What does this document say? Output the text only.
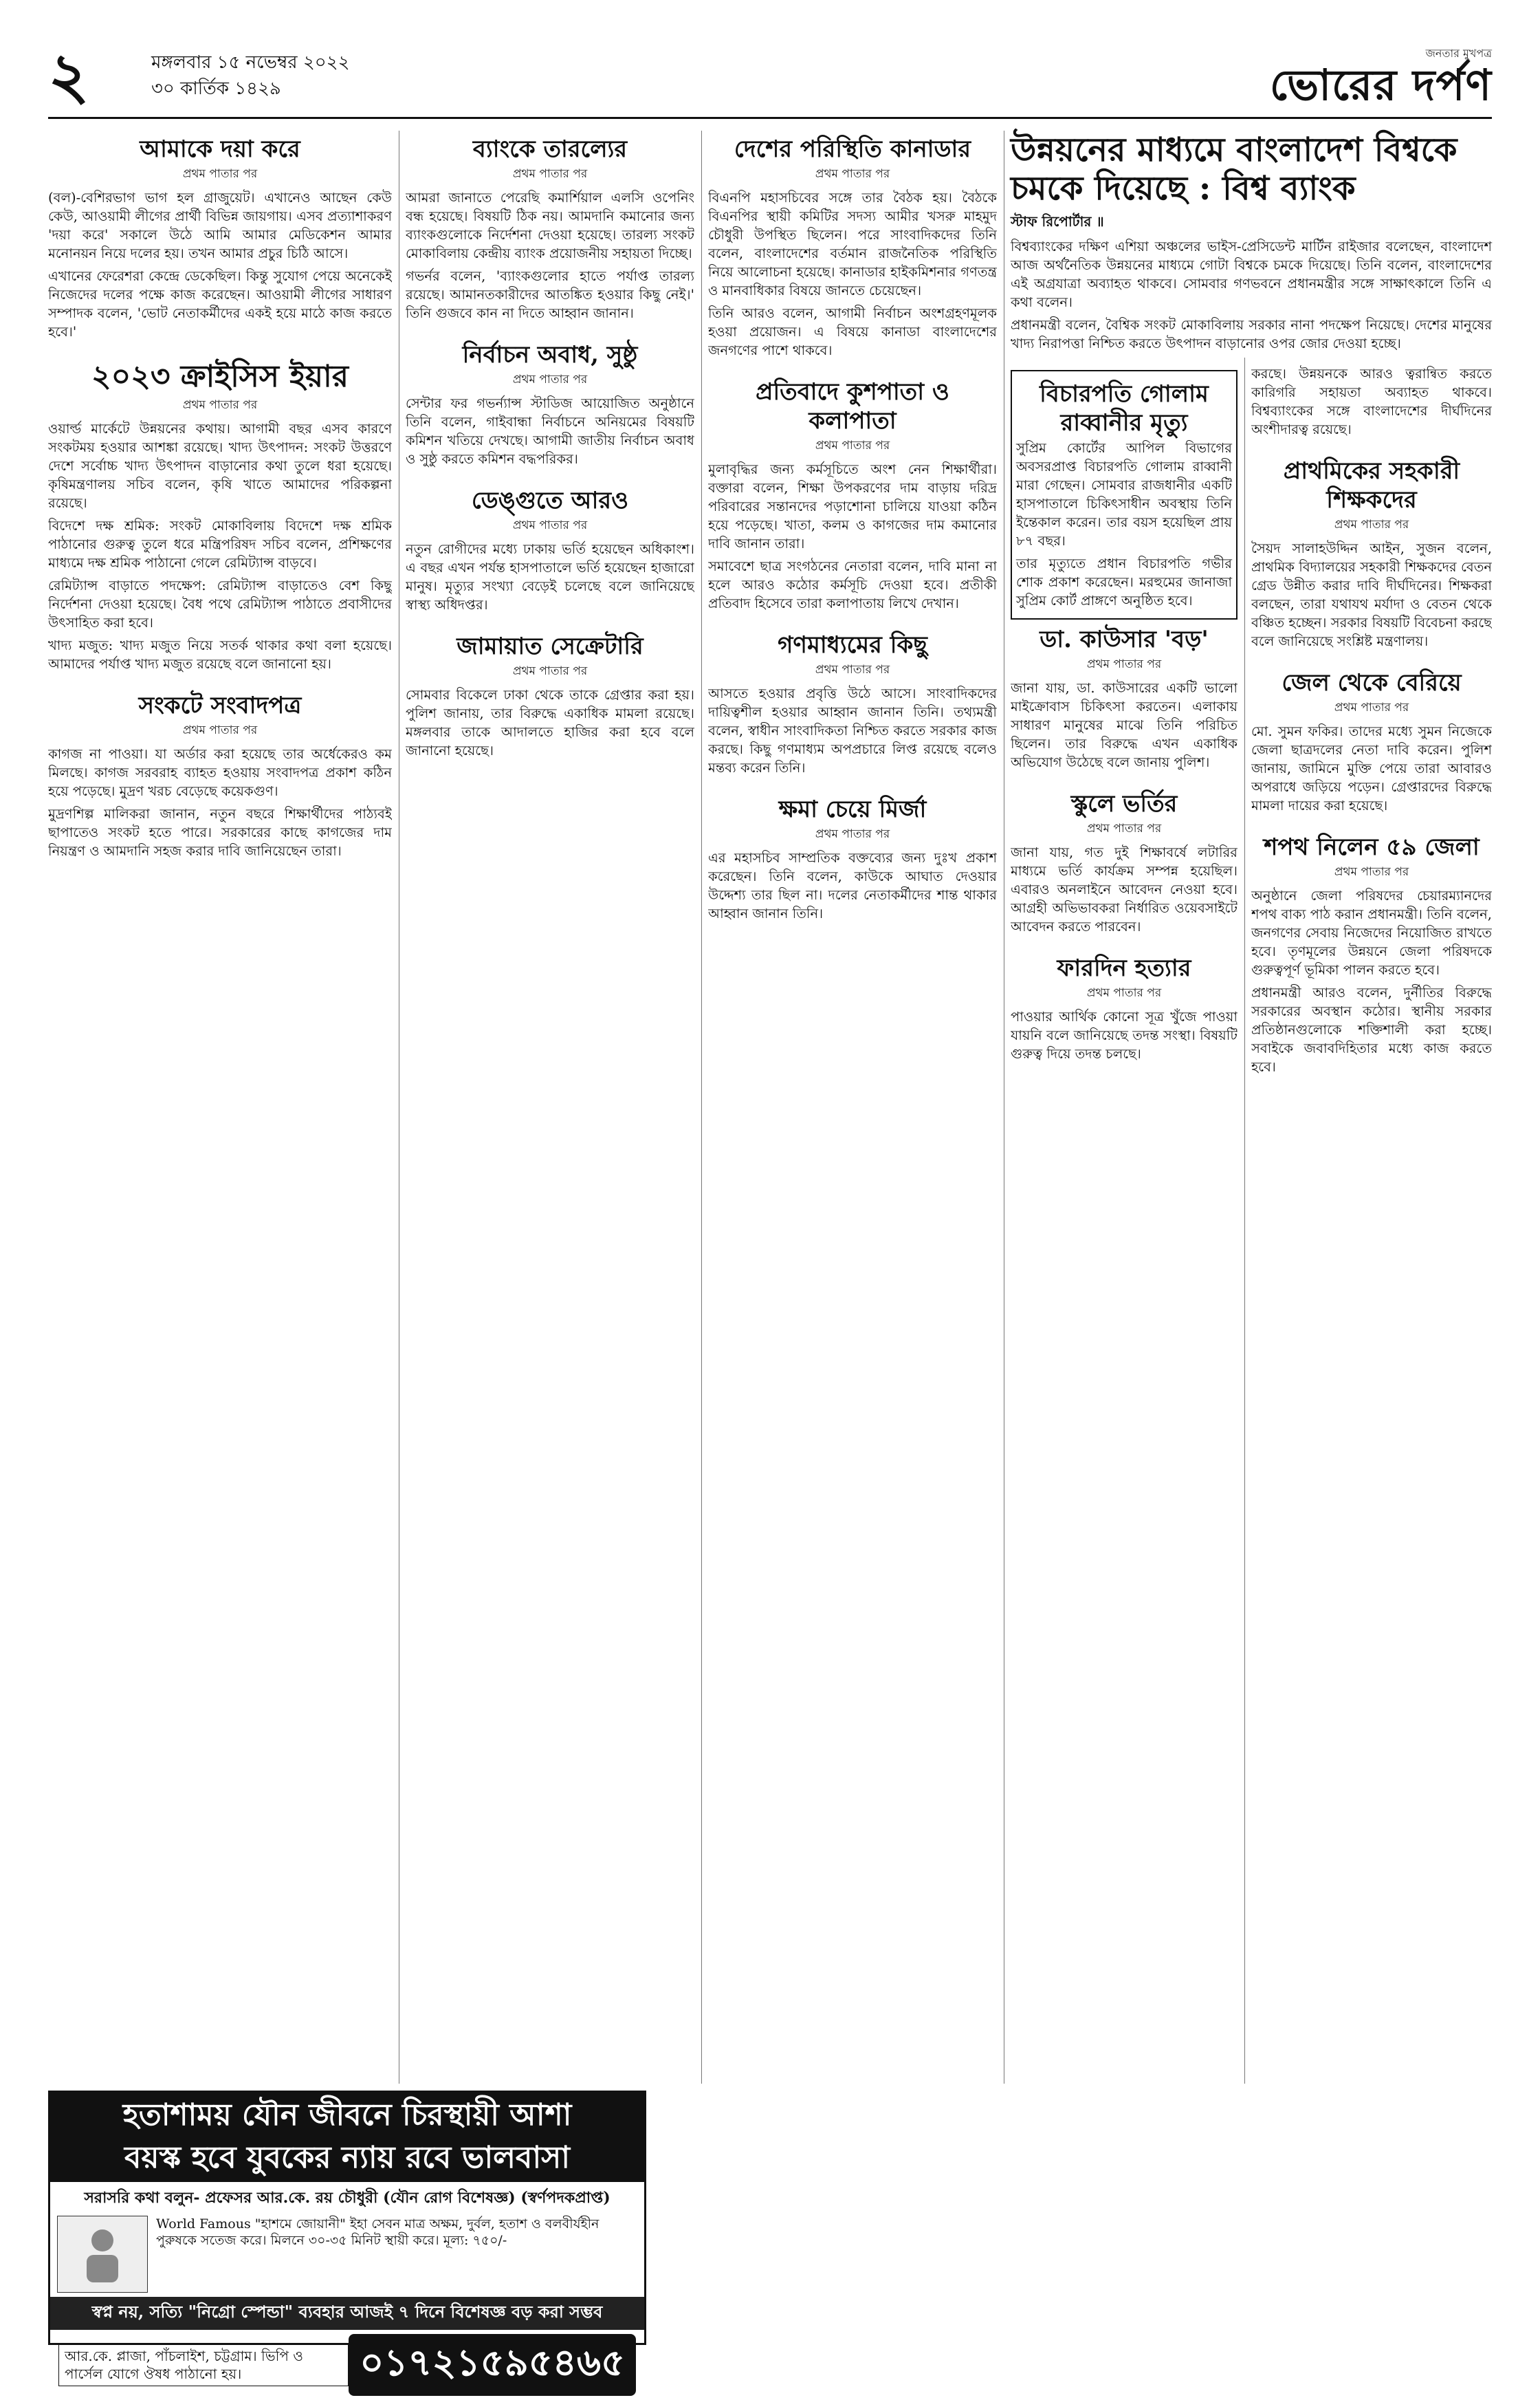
২	মঙ্গলবার ১৫ নভেম্বর ২০২২
৩০ কার্তিক ১৪২৯
জনতার মুখপত্র
ভোরের দর্পণ
আমাকে দয়া করে
প্রথম পাতার পর

(বল)-বেশিরভাগ ভাগ হল গ্রাজুয়েট। এখানেও আছেন কেউ কেউ, আওয়ামী লীগের প্রার্থী বিভিন্ন জায়গায়। এসব প্রত্যাশাকরণ 'দয়া করে' সকালে উঠে আমি আমার মেডিকেশন আমার মনোনয়ন নিয়ে দলের হয়। তখন আমার প্রচুর চিঠি আসে।

এখানের ফেরেশরা কেন্দ্রে ডেকেছিল। কিন্তু সুযোগ পেয়ে অনেকেই নিজেদের দলের পক্ষে কাজ করেছেন। আওয়ামী লীগের সাধারণ সম্পাদক বলেন, 'ভোট নেতাকর্মীদের একই হয়ে মাঠে কাজ করতে হবে।'

২০২৩ ক্রাইসিস ইয়ার
প্রথম পাতার পর

ওয়ার্ল্ড মার্কেটে উন্নয়নের কথায়। আগামী বছর এসব কারণে সংকটময় হওয়ার আশঙ্কা রয়েছে। খাদ্য উৎপাদন: সংকট উত্তরণে দেশে সর্বোচ্চ খাদ্য উৎপাদন বাড়ানোর কথা তুলে ধরা হয়েছে। কৃষিমন্ত্রণালয় সচিব বলেন, কৃষি খাতে আমাদের পরিকল্পনা রয়েছে।

বিদেশে দক্ষ শ্রমিক: সংকট মোকাবিলায় বিদেশে দক্ষ শ্রমিক পাঠানোর গুরুত্ব তুলে ধরে মন্ত্রিপরিষদ সচিব বলেন, প্রশিক্ষণের মাধ্যমে দক্ষ শ্রমিক পাঠানো গেলে রেমিট্যান্স বাড়বে।

রেমিট্যান্স বাড়াতে পদক্ষেপ: রেমিট্যান্স বাড়াতেও বেশ কিছু নির্দেশনা দেওয়া হয়েছে। বৈধ পথে রেমিট্যান্স পাঠাতে প্রবাসীদের উৎসাহিত করা হবে।

খাদ্য মজুত: খাদ্য মজুত নিয়ে সতর্ক থাকার কথা বলা হয়েছে। আমাদের পর্যাপ্ত খাদ্য মজুত রয়েছে বলে জানানো হয়।

সংকটে সংবাদপত্র
প্রথম পাতার পর

কাগজ না পাওয়া। যা অর্ডার করা হয়েছে তার অর্ধেকেরও কম মিলছে। কাগজ সরবরাহ ব্যাহত হওয়ায় সংবাদপত্র প্রকাশ কঠিন হয়ে পড়েছে। মুদ্রণ খরচ বেড়েছে কয়েকগুণ।

মুদ্রণশিল্প মালিকরা জানান, নতুন বছরে শিক্ষার্থীদের পাঠ্যবই ছাপাতেও সংকট হতে পারে। সরকারের কাছে কাগজের দাম নিয়ন্ত্রণ ও আমদানি সহজ করার দাবি জানিয়েছেন তারা।

ব্যাংকে তারল্যের
প্রথম পাতার পর

আমরা জানাতে পেরেছি কমার্শিয়াল এলসি ওপেনিং বন্ধ হয়েছে। বিষয়টি ঠিক নয়। আমদানি কমানোর জন্য ব্যাংকগুলোকে নির্দেশনা দেওয়া হয়েছে। তারল্য সংকট মোকাবিলায় কেন্দ্রীয় ব্যাংক প্রয়োজনীয় সহায়তা দিচ্ছে।

গভর্নর বলেন, 'ব্যাংকগুলোর হাতে পর্যাপ্ত তারল্য রয়েছে। আমানতকারীদের আতঙ্কিত হওয়ার কিছু নেই।' তিনি গুজবে কান না দিতে আহ্বান জানান।

নির্বাচন অবাধ, সুষ্ঠু
প্রথম পাতার পর

সেন্টার ফর গভর্ন্যান্স স্টাডিজ আয়োজিত অনুষ্ঠানে তিনি বলেন, গাইবান্ধা নির্বাচনে অনিয়মের বিষয়টি কমিশন খতিয়ে দেখছে। আগামী জাতীয় নির্বাচন অবাধ ও সুষ্ঠু করতে কমিশন বদ্ধপরিকর।

ডেঙ্গুতে আরও
প্রথম পাতার পর

নতুন রোগীদের মধ্যে ঢাকায় ভর্তি হয়েছেন অধিকাংশ। এ বছর এখন পর্যন্ত হাসপাতালে ভর্তি হয়েছেন হাজারো মানুষ। মৃত্যুর সংখ্যা বেড়েই চলেছে বলে জানিয়েছে স্বাস্থ্য অধিদপ্তর।

জামায়াত সেক্রেটারি
প্রথম পাতার পর

সোমবার বিকেলে ঢাকা থেকে তাকে গ্রেপ্তার করা হয়। পুলিশ জানায়, তার বিরুদ্ধে একাধিক মামলা রয়েছে। মঙ্গলবার তাকে আদালতে হাজির করা হবে বলে জানানো হয়েছে।

দেশের পরিস্থিতি কানাডার
প্রথম পাতার পর

বিএনপি মহাসচিবের সঙ্গে তার বৈঠক হয়। বৈঠকে বিএনপির স্থায়ী কমিটির সদস্য আমীর খসরু মাহমুদ চৌধুরী উপস্থিত ছিলেন। পরে সাংবাদিকদের তিনি বলেন, বাংলাদেশের বর্তমান রাজনৈতিক পরিস্থিতি নিয়ে আলোচনা হয়েছে। কানাডার হাইকমিশনার গণতন্ত্র ও মানবাধিকার বিষয়ে জানতে চেয়েছেন।

তিনি আরও বলেন, আগামী নির্বাচন অংশগ্রহণমূলক হওয়া প্রয়োজন। এ বিষয়ে কানাডা বাংলাদেশের জনগণের পাশে থাকবে।

প্রতিবাদে কুশপাতা ও কলাপাতা
প্রথম পাতার পর

মুলাবৃদ্ধির জন্য কর্মসূচিতে অংশ নেন শিক্ষার্থীরা। বক্তারা বলেন, শিক্ষা উপকরণের দাম বাড়ায় দরিদ্র পরিবারের সন্তানদের পড়াশোনা চালিয়ে যাওয়া কঠিন হয়ে পড়েছে। খাতা, কলম ও কাগজের দাম কমানোর দাবি জানান তারা।

সমাবেশে ছাত্র সংগঠনের নেতারা বলেন, দাবি মানা না হলে আরও কঠোর কর্মসূচি দেওয়া হবে। প্রতীকী প্রতিবাদ হিসেবে তারা কলাপাতায় লিখে দেখান।

গণমাধ্যমের কিছু
প্রথম পাতার পর

আসতে হওয়ার প্রবৃত্তি উঠে আসে। সাংবাদিকদের দায়িত্বশীল হওয়ার আহ্বান জানান তিনি। তথ্যমন্ত্রী বলেন, স্বাধীন সাংবাদিকতা নিশ্চিত করতে সরকার কাজ করছে। কিছু গণমাধ্যম অপপ্রচারে লিপ্ত রয়েছে বলেও মন্তব্য করেন তিনি।

ক্ষমা চেয়ে মির্জা
প্রথম পাতার পর

এর মহাসচিব সাম্প্রতিক বক্তব্যের জন্য দুঃখ প্রকাশ করেছেন। তিনি বলেন, কাউকে আঘাত দেওয়ার উদ্দেশ্য তার ছিল না। দলের নেতাকর্মীদের শান্ত থাকার আহ্বান জানান তিনি।

উন্নয়নের মাধ্যমে বাংলাদেশ বিশ্বকে চমকে দিয়েছে : বিশ্ব ব্যাংক
স্টাফ রিপোর্টার ॥

বিশ্বব্যাংকের দক্ষিণ এশিয়া অঞ্চলের ভাইস-প্রেসিডেন্ট মার্টিন রাইজার বলেছেন, বাংলাদেশ আজ অর্থনৈতিক উন্নয়নের মাধ্যমে গোটা বিশ্বকে চমকে দিয়েছে। তিনি বলেন, বাংলাদেশের এই অগ্রযাত্রা অব্যাহত থাকবে। সোমবার গণভবনে প্রধানমন্ত্রীর সঙ্গে সাক্ষাৎকালে তিনি এ কথা বলেন।

প্রধানমন্ত্রী বলেন, বৈশ্বিক সংকট মোকাবিলায় সরকার নানা পদক্ষেপ নিয়েছে। দেশের মানুষের খাদ্য নিরাপত্তা নিশ্চিত করতে উৎপাদন বাড়ানোর ওপর জোর দেওয়া হচ্ছে।

বিচারপতি গোলাম রাব্বানীর মৃত্যু

সুপ্রিম কোর্টের আপিল বিভাগের অবসরপ্রাপ্ত বিচারপতি গোলাম রাব্বানী মারা গেছেন। সোমবার রাজধানীর একটি হাসপাতালে চিকিৎসাধীন অবস্থায় তিনি ইন্তেকাল করেন। তার বয়স হয়েছিল প্রায় ৮৭ বছর।

তার মৃত্যুতে প্রধান বিচারপতি গভীর শোক প্রকাশ করেছেন। মরহুমের জানাজা সুপ্রিম কোর্ট প্রাঙ্গণে অনুষ্ঠিত হবে।

ডা. কাউসার 'বড়'
প্রথম পাতার পর

জানা যায়, ডা. কাউসারের একটি ভালো মাইক্রোবাস চিকিৎসা করতেন। এলাকায় সাধারণ মানুষের মাঝে তিনি পরিচিত ছিলেন। তার বিরুদ্ধে এখন একাধিক অভিযোগ উঠেছে বলে জানায় পুলিশ।

স্কুলে ভর্তির
প্রথম পাতার পর

জানা যায়, গত দুই শিক্ষাবর্ষে লটারির মাধ্যমে ভর্তি কার্যক্রম সম্পন্ন হয়েছিল। এবারও অনলাইনে আবেদন নেওয়া হবে। আগ্রহী অভিভাবকরা নির্ধারিত ওয়েবসাইটে আবেদন করতে পারবেন।

ফারদিন হত্যার
প্রথম পাতার পর

পাওয়ার আর্থিক কোনো সূত্র খুঁজে পাওয়া যায়নি বলে জানিয়েছে তদন্ত সংস্থা। বিষয়টি গুরুত্ব দিয়ে তদন্ত চলছে।

করছে। উন্নয়নকে আরও ত্বরান্বিত করতে কারিগরি সহায়তা অব্যাহত থাকবে। বিশ্বব্যাংকের সঙ্গে বাংলাদেশের দীর্ঘদিনের অংশীদারত্ব রয়েছে।

প্রাথমিকের সহকারী শিক্ষকদের
প্রথম পাতার পর

সৈয়দ সালাহউদ্দিন আইন, সুজন বলেন, প্রাথমিক বিদ্যালয়ের সহকারী শিক্ষকদের বেতন গ্রেড উন্নীত করার দাবি দীর্ঘদিনের। শিক্ষকরা বলছেন, তারা যথাযথ মর্যাদা ও বেতন থেকে বঞ্চিত হচ্ছেন। সরকার বিষয়টি বিবেচনা করছে বলে জানিয়েছে সংশ্লিষ্ট মন্ত্রণালয়।

জেল থেকে বেরিয়ে
প্রথম পাতার পর

মো. সুমন ফকির। তাদের মধ্যে সুমন নিজেকে জেলা ছাত্রদলের নেতা দাবি করেন। পুলিশ জানায়, জামিনে মুক্তি পেয়ে তারা আবারও অপরাধে জড়িয়ে পড়েন। গ্রেপ্তারদের বিরুদ্ধে মামলা দায়ের করা হয়েছে।

শপথ নিলেন ৫৯ জেলা
প্রথম পাতার পর

অনুষ্ঠানে জেলা পরিষদের চেয়ারম্যানদের শপথ বাক্য পাঠ করান প্রধানমন্ত্রী। তিনি বলেন, জনগণের সেবায় নিজেদের নিয়োজিত রাখতে হবে। তৃণমূলের উন্নয়নে জেলা পরিষদকে গুরুত্বপূর্ণ ভূমিকা পালন করতে হবে।

প্রধানমন্ত্রী আরও বলেন, দুর্নীতির বিরুদ্ধে সরকারের অবস্থান কঠোর। স্থানীয় সরকার প্রতিষ্ঠানগুলোকে শক্তিশালী করা হচ্ছে। সবাইকে জবাবদিহিতার মধ্যে কাজ করতে হবে।

হতাশাময় যৌন জীবনে চিরস্থায়ী আশা
বয়স্ক হবে যুবকের ন্যায় রবে ভালবাসা
সরাসরি কথা বলুন- প্রফেসর আর.কে. রয় চৌধুরী (যৌন রোগ বিশেষজ্ঞ) (স্বর্ণপদকপ্রাপ্ত)
World Famous "হাশমে জোয়ানী" ইহা সেবন মাত্র অক্ষম, দুর্বল, হতাশ ও বলবীর্যহীন পুরুষকে সতেজ করে। মিলনে ৩০-৩৫ মিনিট স্থায়ী করে। মূল্য: ৭৫০/-
স্বপ্ন নয়, সত্যি "নিগ্রো স্পেন্ডা" ব্যবহার আজই ৭ দিনে বিশেষজ্ঞ বড় করা সম্ভব
আর.কে. প্লাজা, পাঁচলাইশ, চট্টগ্রাম। ভিপি ও পার্সেল যোগে ঔষধ পাঠানো হয়।	০১৭২১৫৯৫৪৬৫
